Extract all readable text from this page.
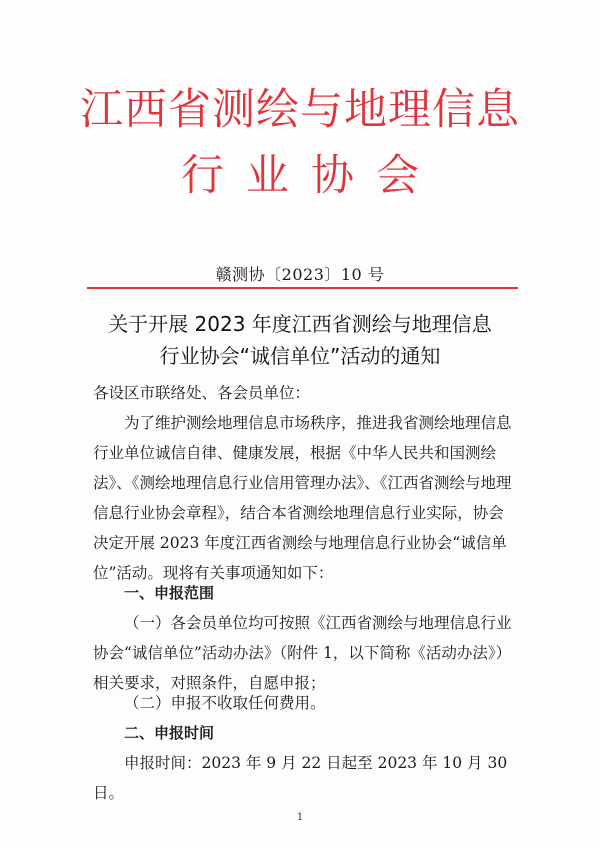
江西省测绘与地理信息
行业协会
赣测协〔2023〕10 号
关于开展 2023 年度江西省测绘与地理信息
行业协会“诚信单位”活动的通知
各设区市联络处、各会员单位：
为了维护测绘地理信息市场秩序，推进我省测绘地理信息行业单位诚信自律、健康发展，根据《中华人民共和国测绘法》、《测绘地理信息行业信用管理办法》、《江西省测绘与地理信息行业协会章程》，结合本省测绘地理信息行业实际，协会决定开展 2023 年度江西省测绘与地理信息行业协会“诚信单位”活动。现将有关事项通知如下：
一、申报范围
（一）各会员单位均可按照《江西省测绘与地理信息行业协会“诚信单位”活动办法》（附件 1，以下简称《活动办法》）相关要求，对照条件，自愿申报；
（二）申报不收取任何费用。
二、申报时间
申报时间：2023 年 9 月 22 日起至 2023 年 10 月 30 日。
1
